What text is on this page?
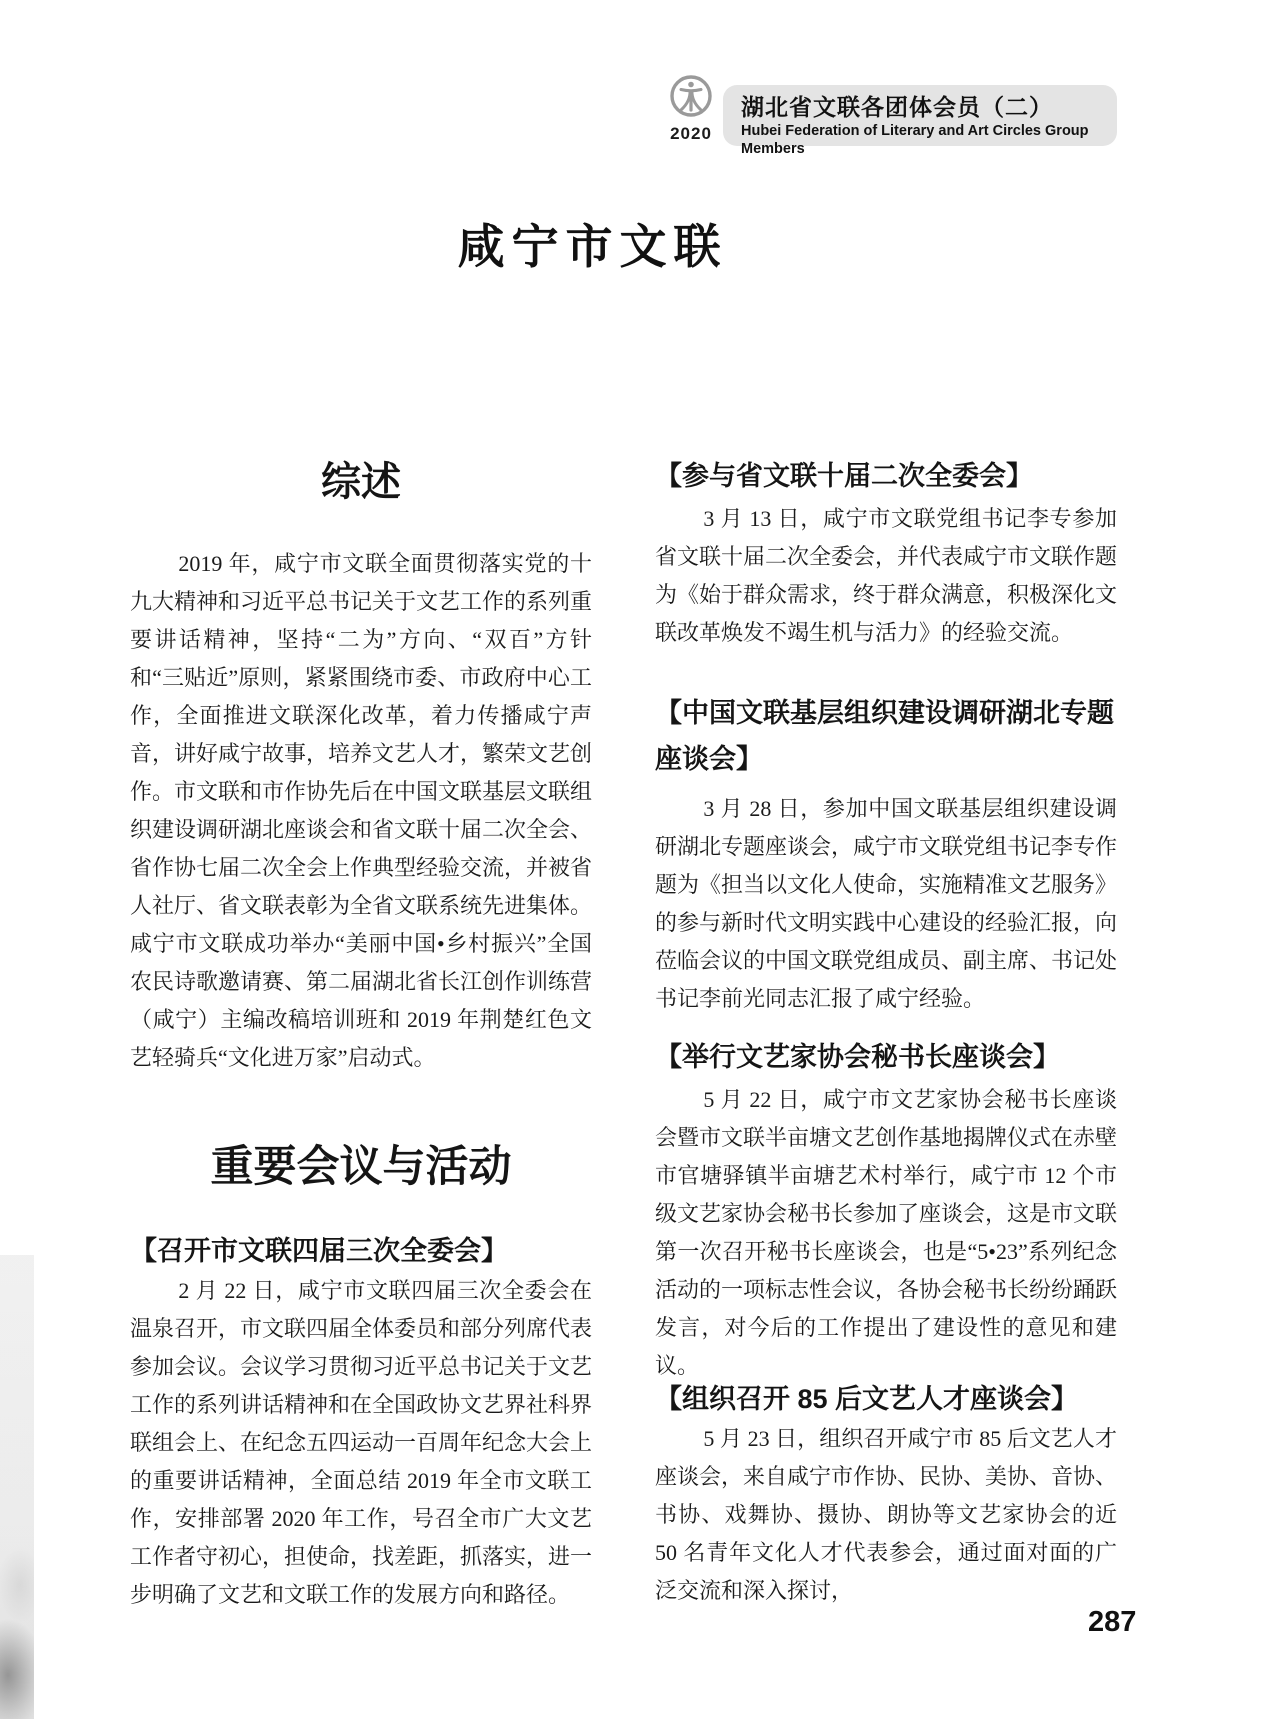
2020
湖北省文联各团体会员（二）
Hubei Federation of Literary and Art Circles Group Members
咸宁市文联
综述
2019 年，咸宁市文联全面贯彻落实党的十九大精神和习近平总书记关于文艺工作的系列重要讲话精神，坚持“二为”方向、“双百”方针和“三贴近”原则，紧紧围绕市委、市政府中心工作，全面推进文联深化改革，着力传播咸宁声音，讲好咸宁故事，培养文艺人才，繁荣文艺创作。市文联和市作协先后在中国文联基层文联组织建设调研湖北座谈会和省文联十届二次全会、省作协七届二次全会上作典型经验交流，并被省人社厅、省文联表彰为全省文联系统先进集体。咸宁市文联成功举办“美丽中国•乡村振兴”全国农民诗歌邀请赛、第二届湖北省长江创作训练营（咸宁）主编改稿培训班和 2019 年荆楚红色文艺轻骑兵“文化进万家”启动式。
重要会议与活动
【召开市文联四届三次全委会】
2 月 22 日，咸宁市文联四届三次全委会在温泉召开，市文联四届全体委员和部分列席代表参加会议。会议学习贯彻习近平总书记关于文艺工作的系列讲话精神和在全国政协文艺界社科界联组会上、在纪念五四运动一百周年纪念大会上的重要讲话精神，全面总结 2019 年全市文联工作，安排部署 2020 年工作，号召全市广大文艺工作者守初心，担使命，找差距，抓落实，进一步明确了文艺和文联工作的发展方向和路径。
【参与省文联十届二次全委会】
3 月 13 日，咸宁市文联党组书记李专参加省文联十届二次全委会，并代表咸宁市文联作题为《始于群众需求，终于群众满意，积极深化文联改革焕发不竭生机与活力》的经验交流。
【中国文联基层组织建设调研湖北专题座谈会】
3 月 28 日，参加中国文联基层组织建设调研湖北专题座谈会，咸宁市文联党组书记李专作题为《担当以文化人使命，实施精准文艺服务》的参与新时代文明实践中心建设的经验汇报，向莅临会议的中国文联党组成员、副主席、书记处书记李前光同志汇报了咸宁经验。
【举行文艺家协会秘书长座谈会】
5 月 22 日，咸宁市文艺家协会秘书长座谈会暨市文联半亩塘文艺创作基地揭牌仪式在赤壁市官塘驿镇半亩塘艺术村举行，咸宁市 12 个市级文艺家协会秘书长参加了座谈会，这是市文联第一次召开秘书长座谈会，也是“5•23”系列纪念活动的一项标志性会议，各协会秘书长纷纷踊跃发言，对今后的工作提出了建设性的意见和建议。
【组织召开 85 后文艺人才座谈会】
5 月 23 日，组织召开咸宁市 85 后文艺人才座谈会，来自咸宁市作协、民协、美协、音协、书协、戏舞协、摄协、朗协等文艺家协会的近 50 名青年文化人才代表参会，通过面对面的广泛交流和深入探讨，
287
